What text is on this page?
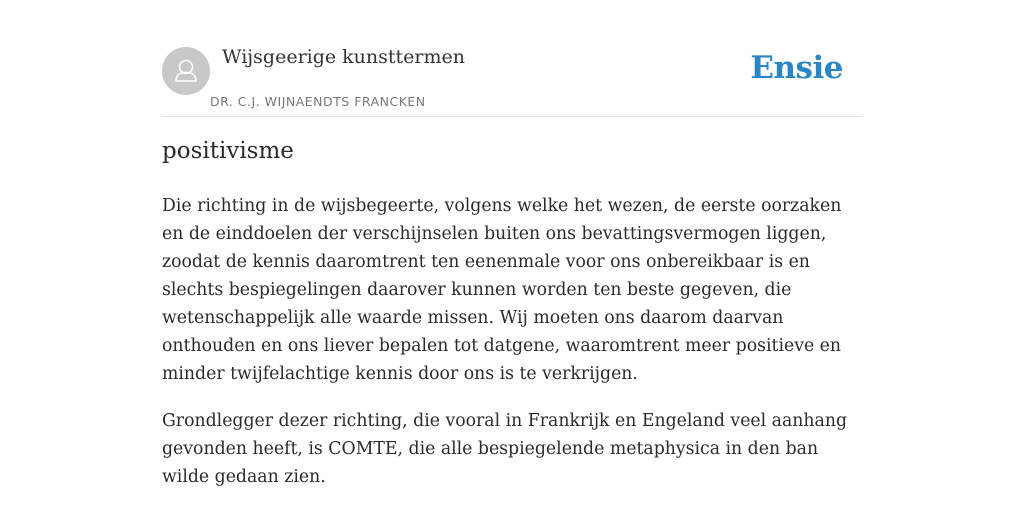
Wijsgeerige kunsttermen
DR. C.J. WIJNAENDTS FRANCKEN
Ensie
positivisme

Die richting in de wijsbegeerte, volgens welke het wezen, de eerste oorzaken en de einddoelen der verschijnselen buiten ons bevattingsvermogen liggen, zoodat de kennis daaromtrent ten eenenmale voor ons onbereikbaar is en slechts bespiegelingen daarover kunnen worden ten beste gegeven, die wetenschappelijk alle waarde missen. Wij moeten ons daarom daarvan onthouden en ons liever bepalen tot datgene, waaromtrent meer positieve en minder twijfelachtige kennis door ons is te verkrijgen.

Grondlegger dezer richting, die vooral in Frankrijk en Engeland veel aanhang gevonden heeft, is COMTE, die alle bespiegelende metaphysica in den ban wilde gedaan zien.
